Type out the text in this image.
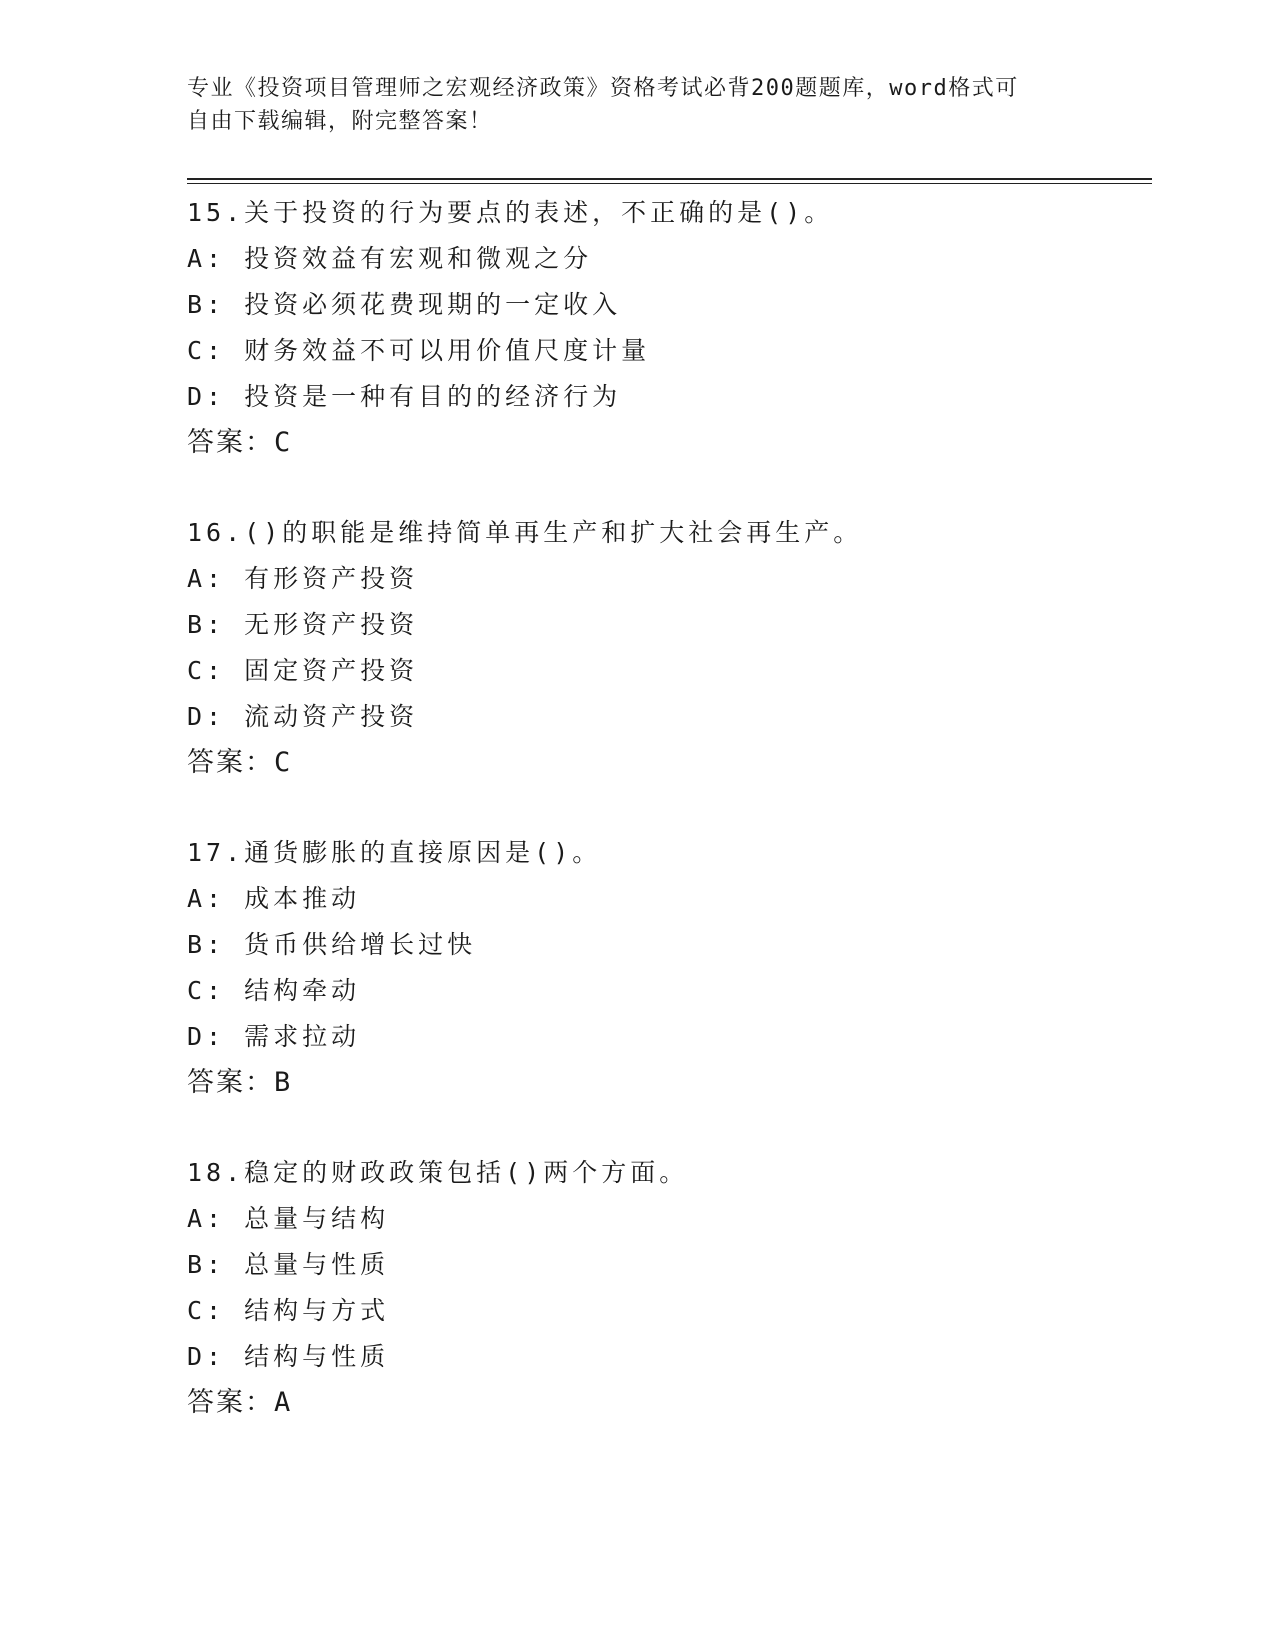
专业《投资项目管理师之宏观经济政策》资格考试必背200题题库，word格式可
自由下载编辑，附完整答案！
15.关于投资的行为要点的表述，不正确的是()。
A: 投资效益有宏观和微观之分
B: 投资必须花费现期的一定收入
C: 财务效益不可以用价值尺度计量
D: 投资是一种有目的的经济行为
答案：C
16.()的职能是维持简单再生产和扩大社会再生产。
A: 有形资产投资
B: 无形资产投资
C: 固定资产投资
D: 流动资产投资
答案：C
17.通货膨胀的直接原因是()。
A: 成本推动
B: 货币供给增长过快
C: 结构牵动
D: 需求拉动
答案：B
18.稳定的财政政策包括()两个方面。
A: 总量与结构
B: 总量与性质
C: 结构与方式
D: 结构与性质
答案：A
